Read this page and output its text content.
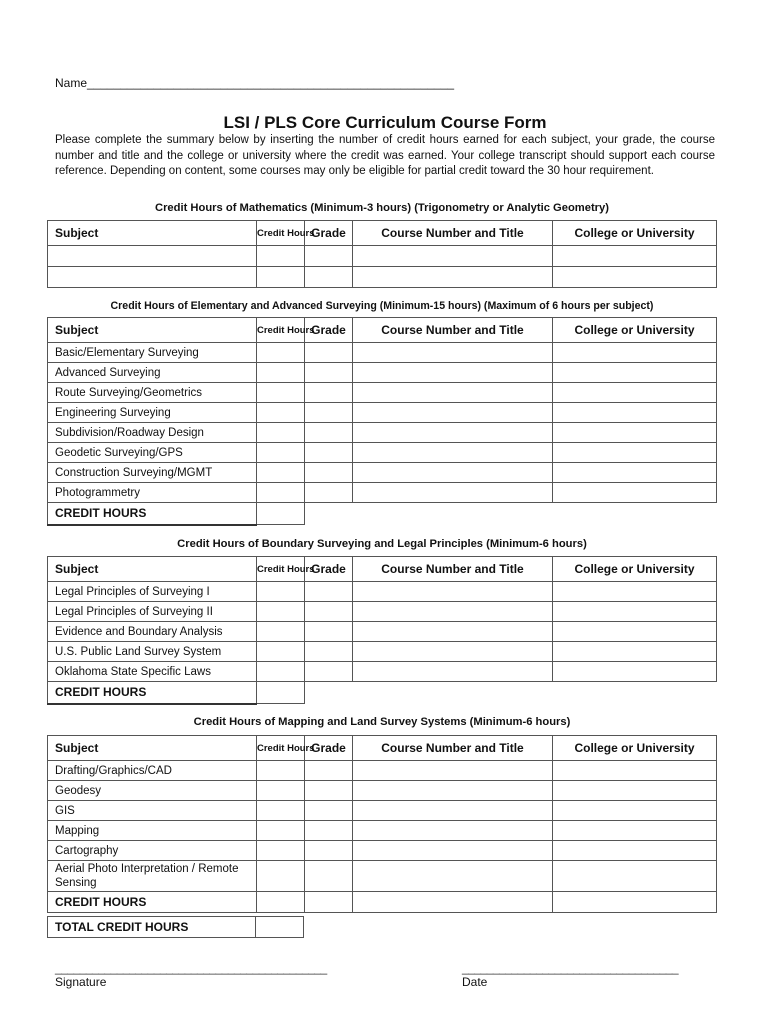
Name_______________________________________________________
LSI / PLS Core Curriculum Course Form
Please complete the summary below by inserting the number of credit hours earned for each subject, your grade, the course number and title and the college or university where the credit was earned. Your college transcript should support each course reference. Depending on content, some courses may only be eligible for partial credit toward the 30 hour requirement.
Credit Hours of Mathematics (Minimum-3 hours) (Trigonometry or Analytic Geometry)
Subject	Credit Hours	Grade	Course Number and Title	College or University

Credit Hours of Elementary and Advanced Surveying (Minimum-15 hours) (Maximum of 6 hours per subject)
Subject	Credit Hours	Grade	Course Number and Title	College or University
Basic/Elementary Surveying				
Advanced Surveying				
Route Surveying/Geometrics				
Engineering Surveying				
Subdivision/Roadway Design				
Geodetic Surveying/GPS				
Construction Surveying/MGMT				
Photogrammetry				
CREDIT HOURS				
Credit Hours of Boundary Surveying and Legal Principles (Minimum-6 hours)
Subject	Credit Hours	Grade	Course Number and Title	College or University
Legal Principles of Surveying I				
Legal Principles of Surveying II				
Evidence and Boundary Analysis				
U.S. Public Land Survey System				
Oklahoma State Specific Laws				
CREDIT HOURS				
Credit Hours of Mapping and Land Survey Systems (Minimum-6 hours)
Subject	Credit Hours	Grade	Course Number and Title	College or University
Drafting/Graphics/CAD				
Geodesy				
GIS				
Mapping				
Cartography				
Aerial Photo Interpretation / Remote Sensing				
CREDIT HOURS				
TOTAL CREDIT HOURS	
____________________________________________	___________________________________
Signature	Date
